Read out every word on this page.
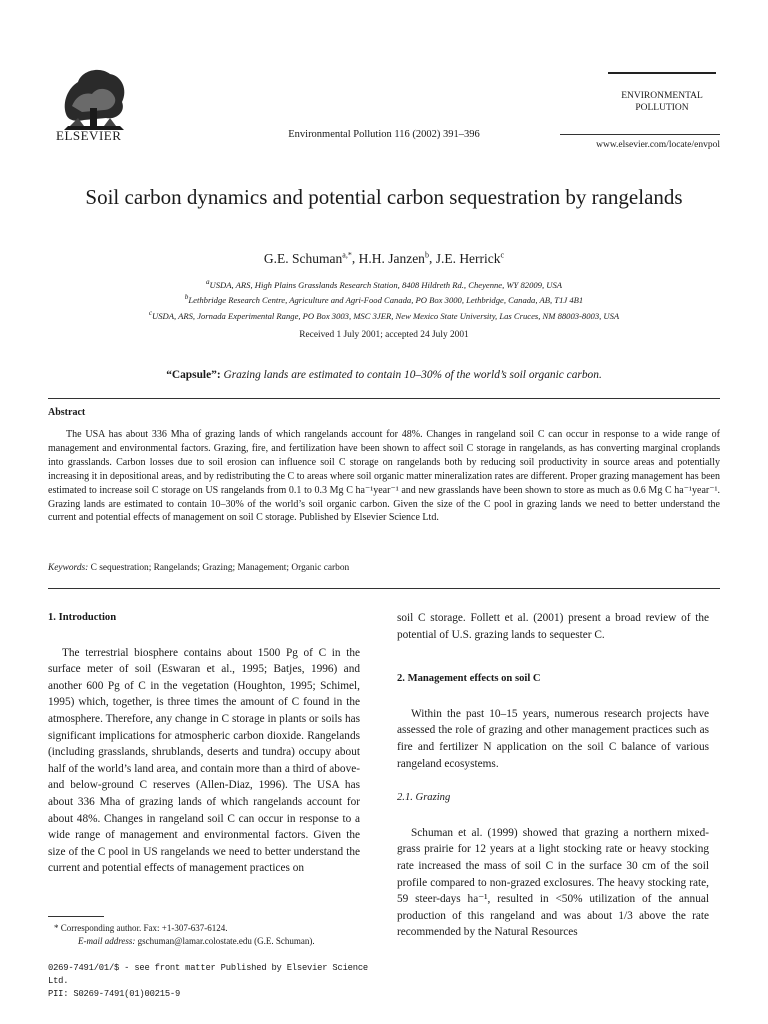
ELSEVIER	Environmental Pollution 116 (2002) 391–396
ENVIRONMENTAL
POLLUTION
www.elsevier.com/locate/envpol
Soil carbon dynamics and potential carbon sequestration by rangelands
G.E. Schuman$^{a,*}$, H.H. Janzen$^b$, J.E. Herrick$^c$
$^a$USDA, ARS, High Plains Grasslands Research Station, 8408 Hildreth Rd., Cheyenne, WY 82009, USA
$^b$Lethbridge Research Centre, Agriculture and Agri-Food Canada, PO Box 3000, Lethbridge, Canada, AB, T1J 4B1
$^c$USDA, ARS, Jornada Experimental Range, PO Box 3003, MSC 3JER, New Mexico State University, Las Cruces, NM 88003-8003, USA
Received 1 July 2001; accepted 24 July 2001
“Capsule”: Grazing lands are estimated to contain 10–30% of the world’s soil organic carbon.
Abstract
The USA has about 336 Mha of grazing lands of which rangelands account for 48%. Changes in rangeland soil C can occur in response to a wide range of management and environmental factors. Grazing, fire, and fertilization have been shown to affect soil C storage in rangelands, as has converting marginal croplands into grasslands. Carbon losses due to soil erosion can influence soil C storage on rangelands both by reducing soil productivity in source areas and potentially increasing it in depositional areas, and by redistributing the C to areas where soil organic matter mineralization rates are different. Proper grazing management has been estimated to increase soil C storage on US rangelands from 0.1 to 0.3 Mg C ha⁻¹year⁻¹ and new grasslands have been shown to store as much as 0.6 Mg C ha⁻¹year⁻¹. Grazing lands are estimated to contain 10–30% of the world’s soil organic carbon. Given the size of the C pool in grazing lands we need to better understand the current and potential effects of management on soil C storage. Published by Elsevier Science Ltd.
Keywords: C sequestration; Rangelands; Grazing; Management; Organic carbon

1. Introduction

The terrestrial biosphere contains about 1500 Pg of C in the surface meter of soil (Eswaran et al., 1995; Batjes, 1996) and another 600 Pg of C in the vegetation (Houghton, 1995; Schimel, 1995) which, together, is three times the amount of C found in the atmosphere. Therefore, any change in C storage in plants or soils has significant implications for atmospheric carbon dioxide. Rangelands (including grasslands, shrublands, deserts and tundra) occupy about half of the world’s land area, and contain more than a third of above- and below-ground C reserves (Allen-Diaz, 1996). The USA has about 336 Mha of grazing lands of which rangelands account for about 48%. Changes in rangeland soil C can occur in response to a wide range of management and environmental factors. Given the size of the C pool in US rangelands we need to better understand the current and potential effects of management practices on

soil C storage. Follett et al. (2001) present a broad review of the potential of U.S. grazing lands to sequester C.

2. Management effects on soil C

Within the past 10–15 years, numerous research projects have assessed the role of grazing and other management practices such as fire and fertilizer N application on the soil C balance of various rangeland ecosystems.

2.1. Grazing

Schuman et al. (1999) showed that grazing a northern mixed-grass prairie for 12 years at a light stocking rate or heavy stocking rate increased the mass of soil C in the surface 30 cm of the soil profile compared to non-grazed exclosures. The heavy stocking rate, 59 steer-days ha⁻¹, resulted in <50% utilization of the annual production of this rangeland and was about 1/3 above the rate recommended by the Natural Resources

* Corresponding author. Fax: +1-307-637-6124.
E-mail address: gschuman@lamar.colostate.edu (G.E. Schuman).
0269-7491/01/$ - see front matter Published by Elsevier Science Ltd.
PII: S0269-7491(01)00215-9
